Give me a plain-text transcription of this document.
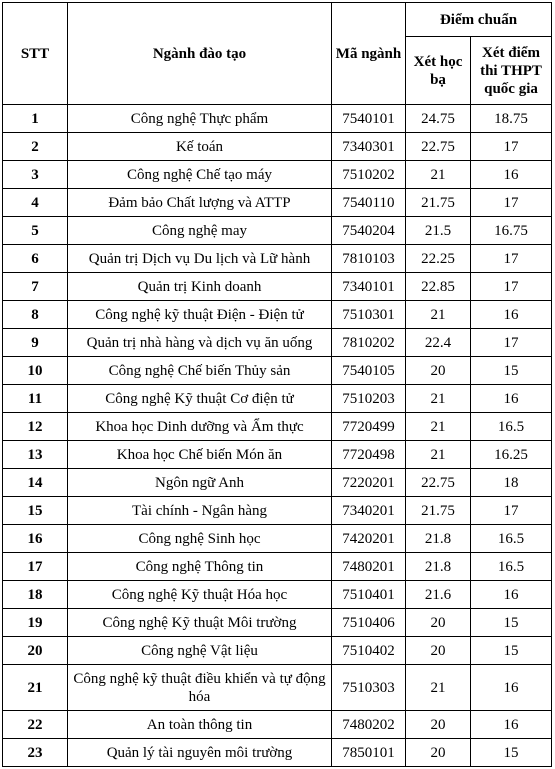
STT	Ngành đào tạo	Mã ngành	Điểm chuẩn	
			Xét học bạ	Xét điểm thi THPT quốc gia
1	Công nghệ Thực phẩm	7540101	24.75	18.75
2	Kế toán	7340301	22.75	17
3	Công nghệ Chế tạo máy	7510202	21	16
4	Đảm bảo Chất lượng và ATTP	7540110	21.75	17
5	Công nghệ may	7540204	21.5	16.75
6	Quản trị Dịch vụ Du lịch và Lữ hành	7810103	22.25	17
7	Quản trị Kinh doanh	7340101	22.85	17
8	Công nghệ kỹ thuật Điện - Điện tử	7510301	21	16
9	Quản trị nhà hàng và dịch vụ ăn uống	7810202	22.4	17
10	Công nghệ Chế biến Thủy sản	7540105	20	15
11	Công nghệ Kỹ thuật Cơ điện tử	7510203	21	16
12	Khoa học Dinh dưỡng và Ẩm thực	7720499	21	16.5
13	Khoa học Chế biến Món ăn	7720498	21	16.25
14	Ngôn ngữ Anh	7220201	22.75	18
15	Tài chính - Ngân hàng	7340201	21.75	17
16	Công nghệ Sinh học	7420201	21.8	16.5
17	Công nghệ Thông tin	7480201	21.8	16.5
18	Công nghệ Kỹ thuật Hóa học	7510401	21.6	16
19	Công nghệ Kỹ thuật Môi trường	7510406	20	15
20	Công nghệ Vật liệu	7510402	20	15
21	Công nghệ kỹ thuật điều khiển và tự động hóa	7510303	21	16
22	An toàn thông tin	7480202	20	16
23	Quản lý tài nguyên môi trường	7850101	20	15
